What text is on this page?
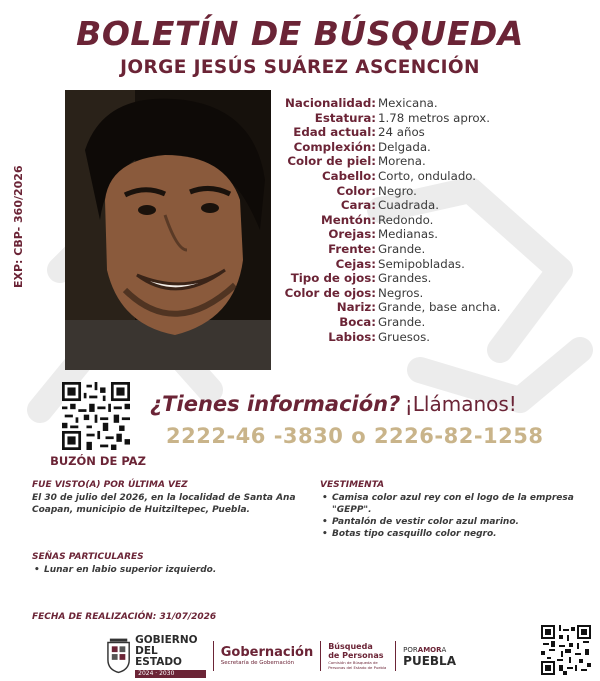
BOLETÍN DE BÚSQUEDA
JORGE JESÚS SUÁREZ ASCENCIÓN
EXP: CBP- 360/2026
Nacionalidad: Mexicana.
Estatura: 1.78 metros aprox.
Edad actual: 24 años
Complexión: Delgada.
Color de piel: Morena.
Cabello: Corto, ondulado.
Color: Negro.
Cara: Cuadrada.
Mentón: Redondo.
Orejas: Medianas.
Frente: Grande.
Cejas: Semipobladas.
Tipo de ojos: Grandes.
Color de ojos: Negros.
Nariz: Grande, base ancha.
Boca: Grande.
Labios: Gruesos.
BUZÓN DE PAZ
¿Tienes información? ¡Llámanos!
2222-46 -3830 o 2226-82-1258
FUE VISTO(A) POR ÚLTIMA VEZ
El 30 de julio del 2026, en la localidad de Santa Ana Coapan, municipio de Huitziltepec, Puebla.
VESTIMENTA
• Camisa color azul rey con el logo de la empresa "GEPP".
• Pantalón de vestir color azul marino.
• Botas tipo casquillo color negro.
SEÑAS PARTICULARES
• Lunar en labio superior izquierdo.
FECHA DE REALIZACIÓN: 31/07/2026
GOBIERNO
DEL ESTADO
2024 · 2030
Gobernación
Secretaría de Gobernación
Búsqueda
de Personas
Comisión de Búsqueda de Personas del Estado de Puebla
PORAMORA
PUEBLA
